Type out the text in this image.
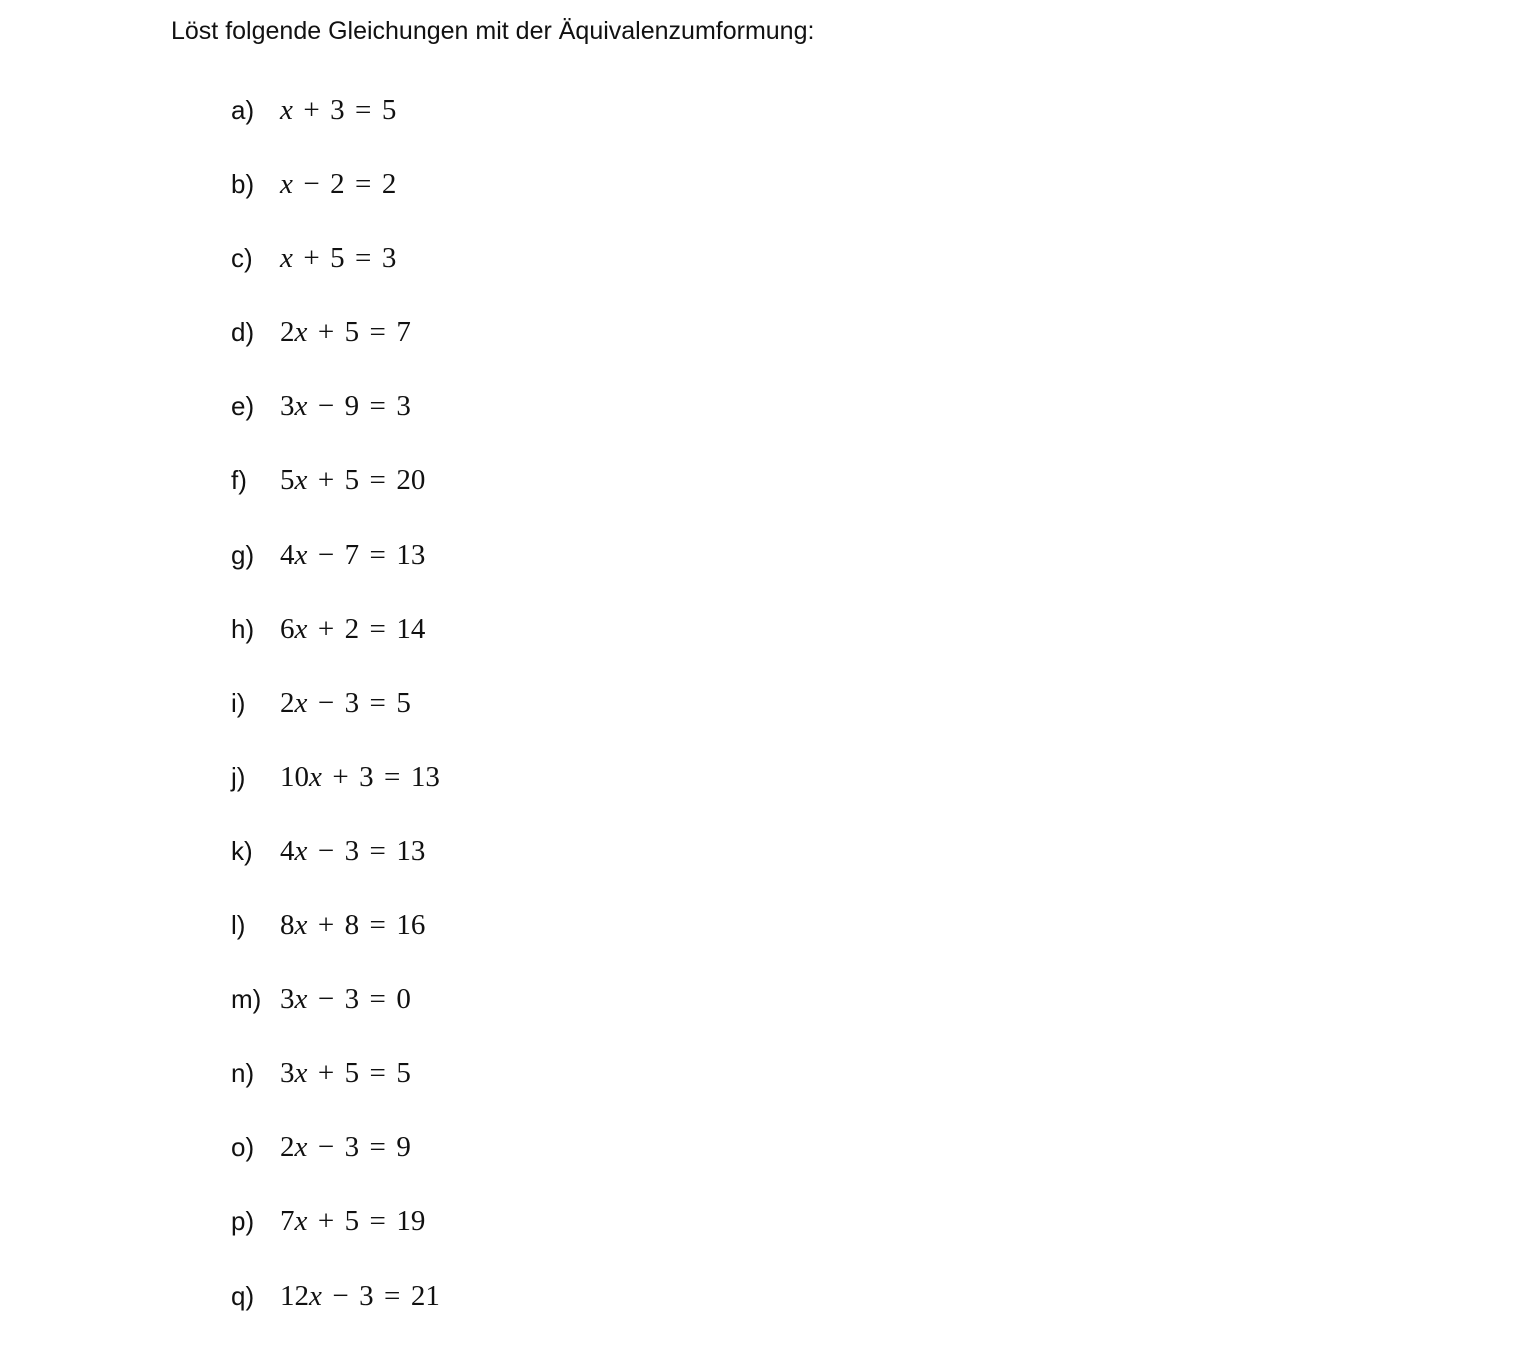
Löst folgende Gleichungen mit der Äquivalenzumformung:
a) x + 3 = 5
b) x − 2 = 2
c) x + 5 = 3
d) 2x + 5 = 7
e) 3x − 9 = 3
f)	5x + 5 = 20
g) 4x − 7 = 13
h) 6x + 2 = 14
i)	2x − 3 = 5
j)	10x + 3 = 13
k) 4x − 3 = 13
l)	8x + 8 = 16
m) 3x − 3 = 0
n) 3x + 5 = 5
o) 2x − 3 = 9
p) 7x + 5 = 19
q) 12x − 3 = 21
